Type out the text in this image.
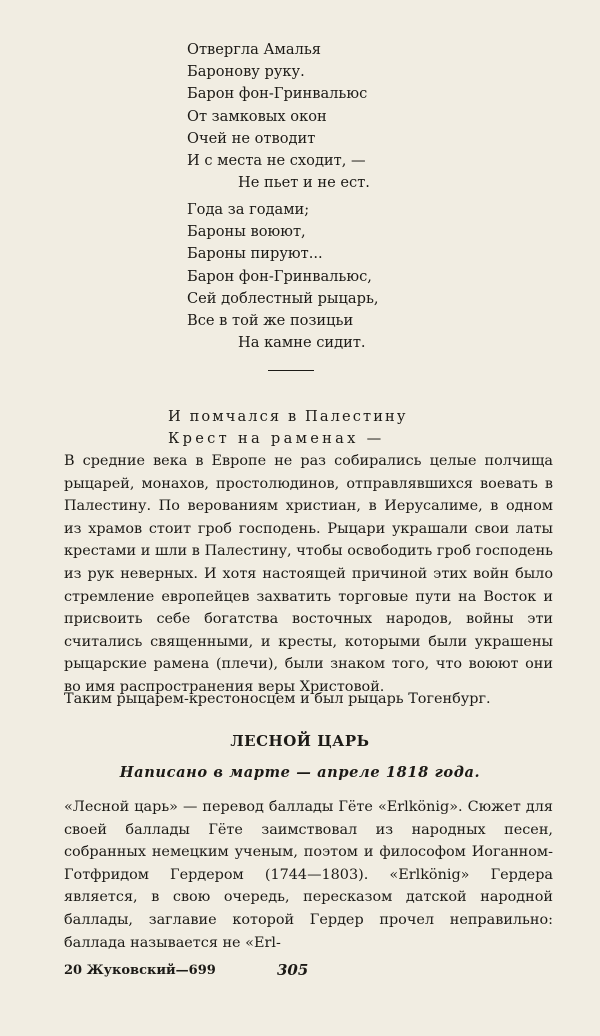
Отвергла Амалья
Баронову руку.
Барон фон-Гринвальюс
От замковых окон
Очей не отводит
И с места не сходит, —
Не пьет и не ест.
Года за годами;
Бароны воюют,
Бароны пируют...
Барон фон-Гринвальюс,
Сей доблестный рыцарь,
Все в той же позицьи
На камне сидит.
И помчался в Палестину
Крест на раменах —

В средние века в Европе не раз собирались целые полчища рыцарей, монахов, простолюдинов, отправлявшихся воевать в Палестину. По верованиям христиан, в Иерусалиме, в одном из храмов стоит гроб господень. Рыцари украшали свои латы крестами и шли в Палестину, чтобы освободить гроб господень из рук неверных. И хотя настоящей причиной этих войн было стремление европейцев захватить торговые пути на Восток и присвоить себе богатства восточных народов, войны эти считались священными, и кресты, которыми были украшены рыцарские рамена (плечи), были знаком того, что воюют они во имя распространения веры Христовой.

Таким рыцарем-крестоносцем и был рыцарь Тогенбург.

ЛЕСНОЙ ЦАРЬ
Написано в марте — апреле 1818 года.

«Лесной царь» — перевод баллады Гёте «Erlkönig». Сюжет для своей баллады Гёте заимствовал из народных песен, собранных немецким ученым, поэтом и философом Иоганном-Готфридом Гердером (1744—1803). «Erlkönig» Гердера является, в свою очередь, пересказом датской народной баллады, заглавие которой Гердер прочел неправильно: баллада называется не «Erl-

20 Жуковский—699	305
